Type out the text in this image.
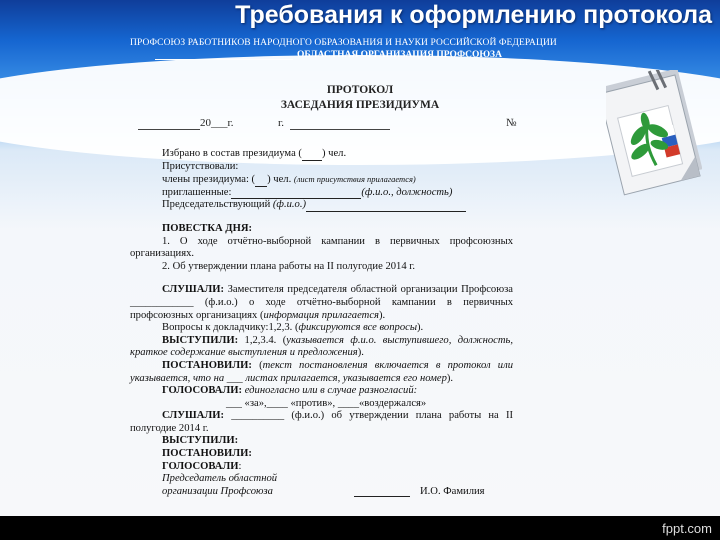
Требования к оформлению протокола
ПРОФСОЮЗ РАБОТНИКОВ НАРОДНОГО ОБРАЗОВАНИЯ И НАУКИ РОССИЙСКОЙ ФЕДЕРАЦИИ
ОБЛАСТНАЯ ОРГАНИЗАЦИЯ ПРОФСОЮЗА
ПРОТОКОЛ
ЗАСЕДАНИЯ ПРЕЗИДИУМА
20___г.	г.	№

Избрано в состав президиума ( ) чел.

Присутствовали:

члены президиума: ( ) чел. (лист присутствия прилагается)

приглашенные:	(ф.и.о., должность)

Председательствующий (ф.и.о.)

ПОВЕСТКА ДНЯ:

1. О ходе отчётно-выборной кампании в первичных профсоюзных организациях.

2. Об утверждении плана работы на II полугодие 2014 г.

СЛУШАЛИ: Заместителя председателя областной организации Профсоюза ____________ (ф.и.о.) о ходе отчётно-выборной кампании в первичных профсоюзных организациях (информация прилагается).

Вопросы к докладчику:1,2,3. (фиксируются все вопросы).

ВЫСТУПИЛИ: 1,2,3.4. (указывается ф.и.о. выступившего, должность, краткое содержание выступления и предложения).

ПОСТАНОВИЛИ: (текст постановления включается в протокол или указывается, что на ___ листах прилагается, указывается его номер).

ГОЛОСОВАЛИ: единогласно или в случае разногласий:

___ «за»,____ «против», ____«воздержался»

СЛУШАЛИ: __________ (ф.и.о.) об утверждении плана работы на II полугодие 2014 г.

ВЫСТУПИЛИ:

ПОСТАНОВИЛИ:

ГОЛОСОВАЛИ:

Председатель областной

организации Профсоюза	И.О. Фамилия

fppt.com
